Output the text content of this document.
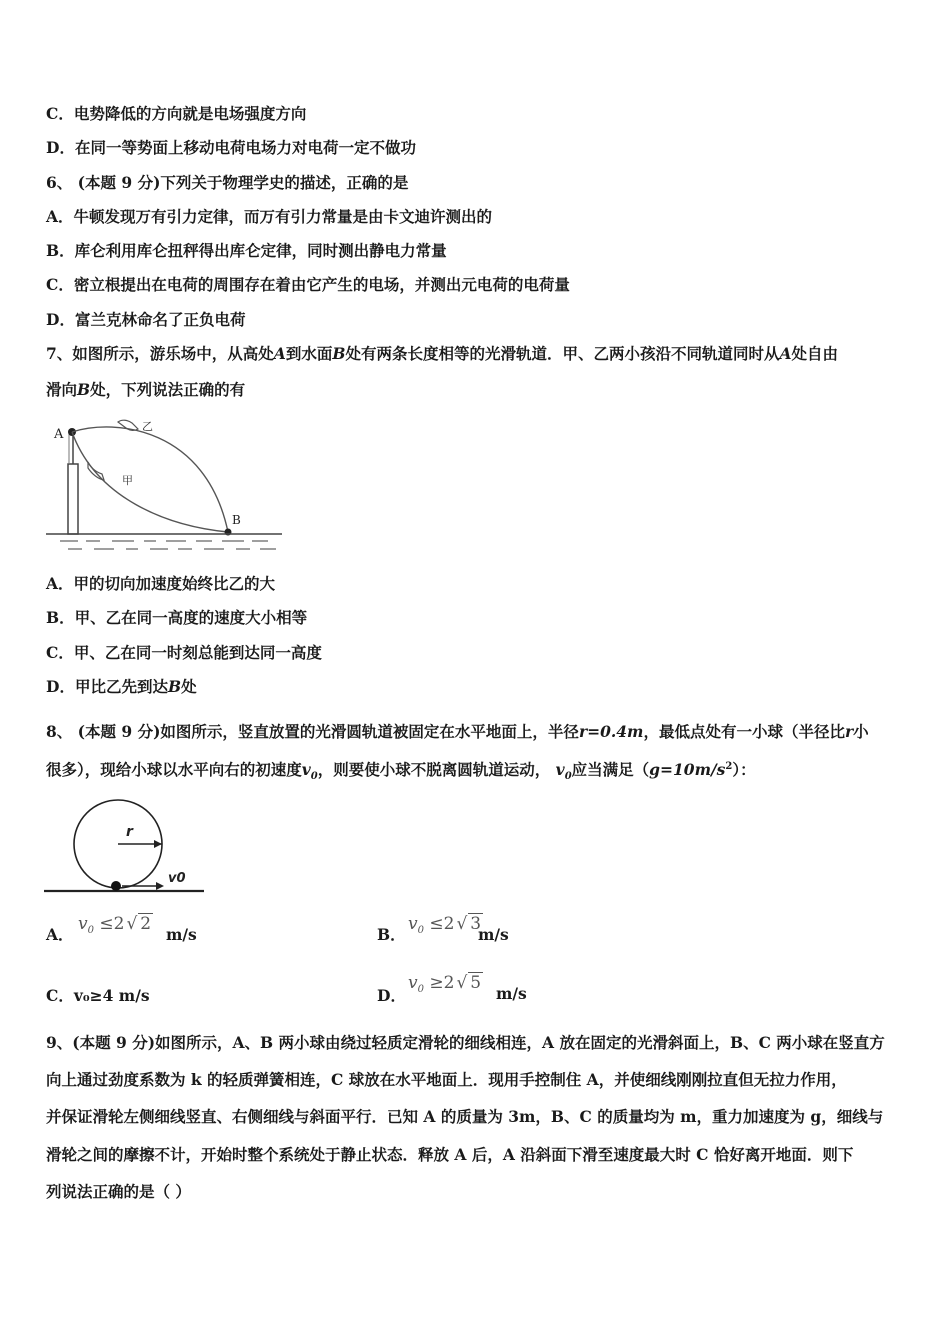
C．电势降低的方向就是电场强度方向
D．在同一等势面上移动电荷电场力对电荷一定不做功
6、 (本题 9 分)下列关于物理学史的描述，正确的是
A．牛顿发现万有引力定律，而万有引力常量是由卡文迪许测出的
B．库仑利用库仑扭秤得出库仑定律，同时测出静电力常量
C．密立根提出在电荷的周围存在着由它产生的电场，并测出元电荷的电荷量
D．富兰克林命名了正负电荷
7、如图所示，游乐场中，从高处A到水面B处有两条长度相等的光滑轨道．甲、乙两小孩沿不同轨道同时从A处自由
滑向B处，下列说法正确的有
A
B
甲
乙
A．甲的切向加速度始终比乙的大
B．甲、乙在同一高度的速度大小相等
C．甲、乙在同一时刻总能到达同一高度
D．甲比乙先到达B处
8、 (本题 9 分)如图所示，竖直放置的光滑圆轨道被固定在水平地面上，半径r=0.4m，最低点处有一小球（半径比r小
很多），现给小球以水平向右的初速度$v_0$，则要使小球不脱离圆轨道运动， $v_0$应当满足$(g=10m/s^2)$：
r
v0
A．
$v_0 \le 2$ √ 2
m/s	B．
$v_0 \le 2$ √ 3
m/s
C．v₀≥4 m/s	D．
$v_0 \ge 2$ √ 5
m/s
9、(本题 9 分)如图所示，A、B 两小球由绕过轻质定滑轮的细线相连，A 放在固定的光滑斜面上，B、C 两小球在竖直方
向上通过劲度系数为 k 的轻质弹簧相连，C 球放在水平地面上．现用手控制住 A，并使细线刚刚拉直但无拉力作用，
并保证滑轮左侧细线竖直、右侧细线与斜面平行．已知 A 的质量为 3m，B、C 的质量均为 m，重力加速度为 g，细线与
滑轮之间的摩擦不计，开始时整个系统处于静止状态．释放 A 后，A 沿斜面下滑至速度最大时 C 恰好离开地面．则下
列说法正确的是（ ）
